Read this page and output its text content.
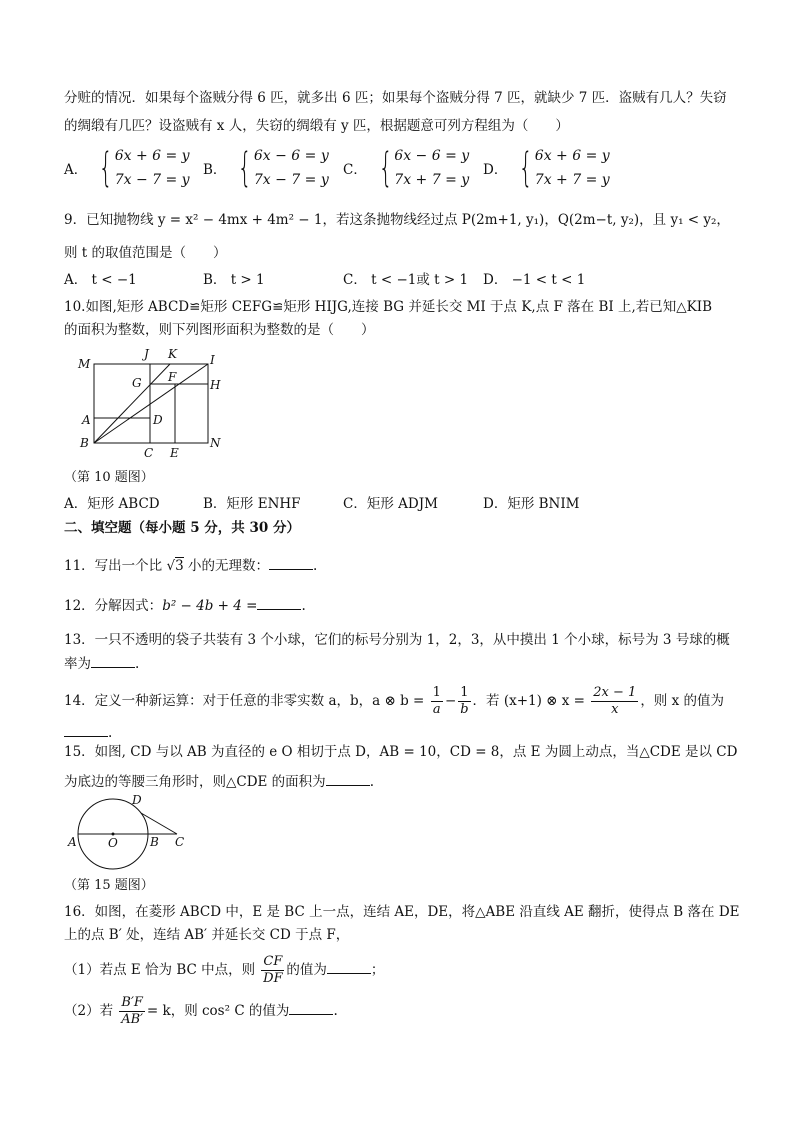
分赃的情况．如果每个盗贼分得 6 匹，就多出 6 匹；如果每个盗贼分得 7 匹，就缺少 7 匹．盗贼有几人？失窃
的绸缎有几匹？设盗贼有 x 人，失窃的绸缎有 y 匹，根据题意可列方程组为（　　）
A． { 6x + 6 = y
7x − 7 = y
B． { 6x − 6 = y
7x − 7 = y
C． { 6x − 6 = y
7x + 7 = y
D． { 6x + 6 = y
7x + 7 = y
9．已知抛物线 y = x² − 4mx + 4m² − 1，若这条抛物线经过点 P(2m+1, y₁)，Q(2m−t, y₂)，且 y₁ < y₂，
则 t 的取值范围是（　　）
A． t < −1	B． t > 1	C． t < −1或 t > 1 D． −1 < t < 1
10.如图,矩形 ABCD≌矩形 CEFG≌矩形 HIJG,连接 BG 并延长交 MI 于点 K,点 F 落在 BI 上,若已知△KIB
的面积为整数，则下列图形面积为整数的是（　　）
M
J K	I
G F
H
A	D
B
C E
N
（第 10 题图）
A．矩形 ABCD	B．矩形 ENHF	C．矩形 ADJM	D．矩形 BNIM
二、填空题（每小题 5 分，共 30 分）
11．写出一个比 √3 小的无理数：	.
12．分解因式：b² − 4b + 4 =	.
13．一只不透明的袋子共装有 3 个小球，它们的标号分别为 1，2，3，从中摸出 1 个小球，标号为 3 号球的概
率为	.
14．定义一种新运算：对于任意的非零实数 a，b，a ⊗ $b = \frac{1}{a} - \frac{1}{b}$ ．若 (x+1) ⊗ $x = \frac{2x - 1}{x}$ ，则 x 的值为
.
15．如图, CD 与以 AB 为直径的 e O 相切于点 D，AB = 10，CD = 8，点 E 为圆上动点，当△CDE 是以 CD
为底边的等腰三角形时，则△CDE 的面积为	.
A	O	B C
D
（第 15 题图）
16．如图，在菱形 ABCD 中，E 是 BC 上一点，连结 AE，DE，将△ABE 沿直线 AE 翻折，使得点 B 落在 DE
上的点 B′ 处，连结 AB′ 并延长交 CD 于点 F，
（1）若点 E 恰为 BC 中点，则 $\frac{CF}{DF}$ 的值为	；
（2）若 $\frac{B'F}{AB'} = k$，则 cos² C 的值为	.
